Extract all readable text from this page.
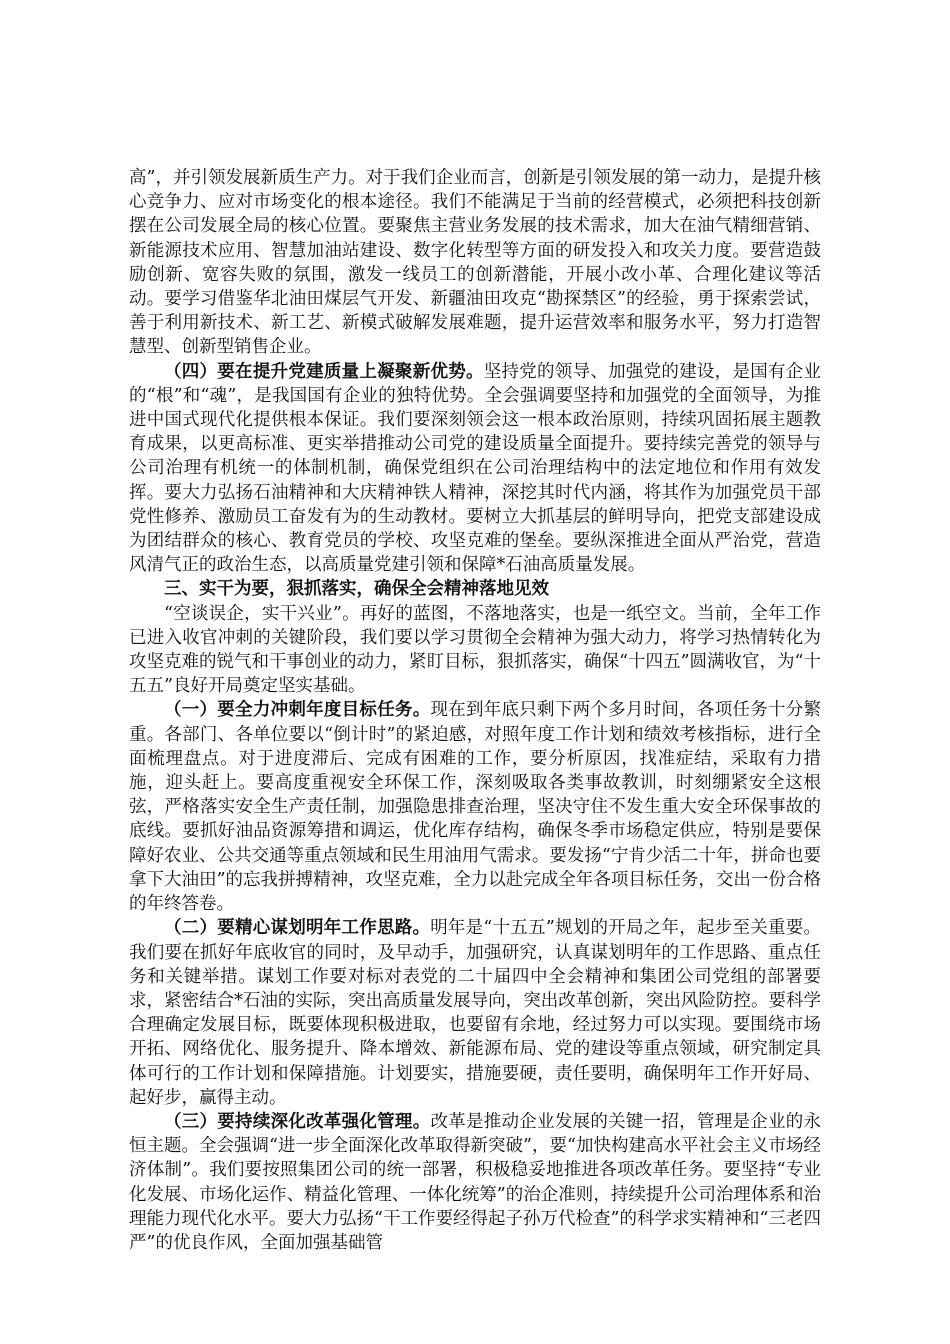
高”，并引领发展新质生产力。对于我们企业而言，创新是引领发展的第一动力，是提升核心竞争力、应对市场变化的根本途径。我们不能满足于当前的经营模式，必须把科技创新摆在公司发展全局的核心位置。要聚焦主营业务发展的技术需求，加大在油气精细营销、新能源技术应用、智慧加油站建设、数字化转型等方面的研发投入和攻关力度。要营造鼓励创新、宽容失败的氛围，激发一线员工的创新潜能，开展小改小革、合理化建议等活动。要学习借鉴华北油田煤层气开发、新疆油田攻克“勘探禁区”的经验，勇于探索尝试，善于利用新技术、新工艺、新模式破解发展难题，提升运营效率和服务水平，努力打造智慧型、创新型销售企业。

（四）要在提升党建质量上凝聚新优势。坚持党的领导、加强党的建设，是国有企业的“根”和“魂”，是我国国有企业的独特优势。全会强调要坚持和加强党的全面领导，为推进中国式现代化提供根本保证。我们要深刻领会这一根本政治原则，持续巩固拓展主题教育成果，以更高标准、更实举措推动公司党的建设质量全面提升。要持续完善党的领导与公司治理有机统一的体制机制，确保党组织在公司治理结构中的法定地位和作用有效发挥。要大力弘扬石油精神和大庆精神铁人精神，深挖其时代内涵，将其作为加强党员干部党性修养、激励员工奋发有为的生动教材。要树立大抓基层的鲜明导向，把党支部建设成为团结群众的核心、教育党员的学校、攻坚克难的堡垒。要纵深推进全面从严治党，营造风清气正的政治生态，以高质量党建引领和保障*石油高质量发展。

三、实干为要，狠抓落实，确保全会精神落地见效

“空谈误企，实干兴业”。再好的蓝图，不落地落实，也是一纸空文。当前，全年工作已进入收官冲刺的关键阶段，我们要以学习贯彻全会精神为强大动力，将学习热情转化为攻坚克难的锐气和干事创业的动力，紧盯目标，狠抓落实，确保“十四五”圆满收官，为“十五五”良好开局奠定坚实基础。

（一）要全力冲刺年度目标任务。现在到年底只剩下两个多月时间，各项任务十分繁重。各部门、各单位要以“倒计时”的紧迫感，对照年度工作计划和绩效考核指标，进行全面梳理盘点。对于进度滞后、完成有困难的工作，要分析原因，找准症结，采取有力措施，迎头赶上。要高度重视安全环保工作，深刻吸取各类事故教训，时刻绷紧安全这根弦，严格落实安全生产责任制，加强隐患排查治理，坚决守住不发生重大安全环保事故的底线。要抓好油品资源筹措和调运，优化库存结构，确保冬季市场稳定供应，特别是要保障好农业、公共交通等重点领域和民生用油用气需求。要发扬“宁肯少活二十年，拼命也要拿下大油田”的忘我拼搏精神，攻坚克难，全力以赴完成全年各项目标任务，交出一份合格的年终答卷。

（二）要精心谋划明年工作思路。明年是“十五五”规划的开局之年，起步至关重要。我们要在抓好年底收官的同时，及早动手，加强研究，认真谋划明年的工作思路、重点任务和关键举措。谋划工作要对标对表党的二十届四中全会精神和集团公司党组的部署要求，紧密结合*石油的实际，突出高质量发展导向，突出改革创新，突出风险防控。要科学合理确定发展目标，既要体现积极进取，也要留有余地，经过努力可以实现。要围绕市场开拓、网络优化、服务提升、降本增效、新能源布局、党的建设等重点领域，研究制定具体可行的工作计划和保障措施。计划要实，措施要硬，责任要明，确保明年工作开好局、起好步，赢得主动。

（三）要持续深化改革强化管理。改革是推动企业发展的关键一招，管理是企业的永恒主题。全会强调“进一步全面深化改革取得新突破”，要“加快构建高水平社会主义市场经济体制”。我们要按照集团公司的统一部署，积极稳妥地推进各项改革任务。要坚持“专业化发展、市场化运作、精益化管理、一体化统筹”的治企准则，持续提升公司治理体系和治理能力现代化水平。要大力弘扬“干工作要经得起子孙万代检查”的科学求实精神和“三老四严”的优良作风，全面加强基础管
